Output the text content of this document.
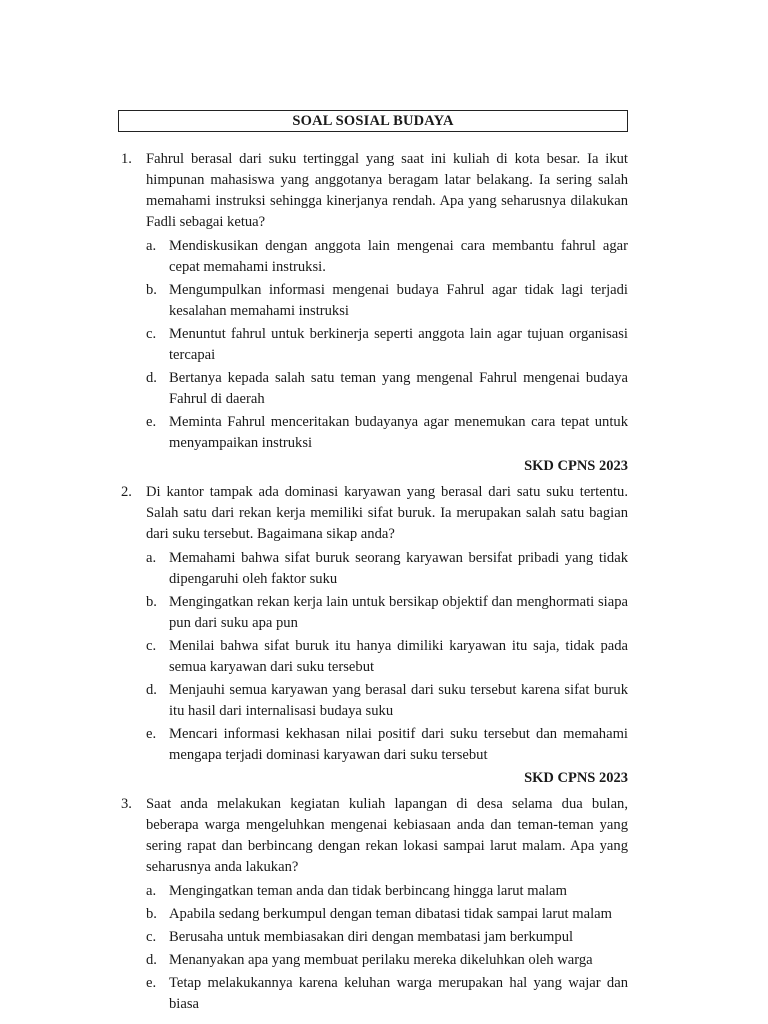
SOAL SOSIAL BUDAYA
1. Fahrul berasal dari suku tertinggal yang saat ini kuliah di kota besar. Ia ikut himpunan mahasiswa yang anggotanya beragam latar belakang. Ia sering salah memahami instruksi sehingga kinerjanya rendah. Apa yang seharusnya dilakukan Fadli sebagai ketua?
a. Mendiskusikan dengan anggota lain mengenai cara membantu fahrul agar cepat memahami instruksi.
b. Mengumpulkan informasi mengenai budaya Fahrul agar tidak lagi terjadi kesalahan memahami instruksi
c. Menuntut fahrul untuk berkinerja seperti anggota lain agar tujuan organisasi tercapai
d. Bertanya kepada salah satu teman yang mengenal Fahrul mengenai budaya Fahrul di daerah
e. Meminta Fahrul menceritakan budayanya agar menemukan cara tepat untuk menyampaikan instruksi
SKD CPNS 2023
2. Di kantor tampak ada dominasi karyawan yang berasal dari satu suku tertentu. Salah satu dari rekan kerja memiliki sifat buruk. Ia merupakan salah satu bagian dari suku tersebut. Bagaimana sikap anda?
a. Memahami bahwa sifat buruk seorang karyawan bersifat pribadi yang tidak dipengaruhi oleh faktor suku
b. Mengingatkan rekan kerja lain untuk bersikap objektif dan menghormati siapa pun dari suku apa pun
c. Menilai bahwa sifat buruk itu hanya dimiliki karyawan itu saja, tidak pada semua karyawan dari suku tersebut
d. Menjauhi semua karyawan yang berasal dari suku tersebut karena sifat buruk itu hasil dari internalisasi budaya suku
e. Mencari informasi kekhasan nilai positif dari suku tersebut dan memahami mengapa terjadi dominasi karyawan dari suku tersebut
SKD CPNS 2023
3. Saat anda melakukan kegiatan kuliah lapangan di desa selama dua bulan, beberapa warga mengeluhkan mengenai kebiasaan anda dan teman-teman yang sering rapat dan berbincang dengan rekan lokasi sampai larut malam. Apa yang seharusnya anda lakukan?
a. Mengingatkan teman anda dan tidak berbincang hingga larut malam
b. Apabila sedang berkumpul dengan teman dibatasi tidak sampai larut malam
c. Berusaha untuk membiasakan diri dengan membatasi jam berkumpul
d. Menanyakan apa yang membuat perilaku mereka dikeluhkan oleh warga
e. Tetap melakukannya karena keluhan warga merupakan hal yang wajar dan biasa
